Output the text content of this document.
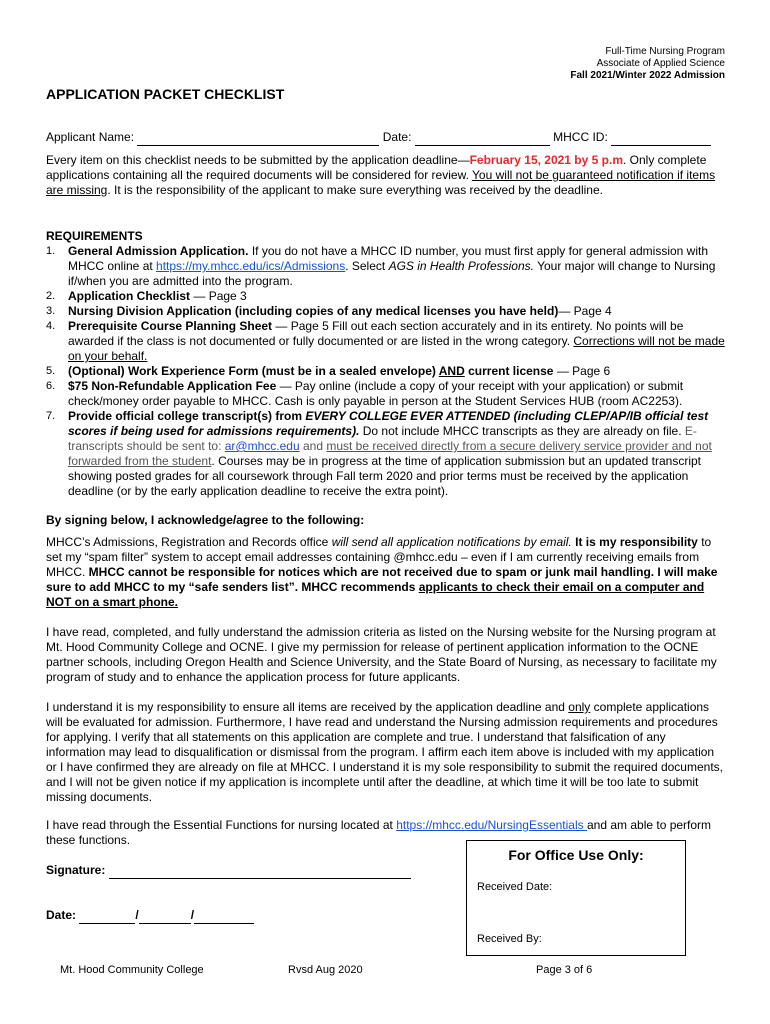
Full-Time Nursing Program
Associate of Applied Science
Fall 2021/Winter 2022 Admission
APPLICATION PACKET CHECKLIST
Applicant Name:	Date:	MHCC ID:
Every item on this checklist needs to be submitted by the application deadline—February 15, 2021 by 5 p.m. Only complete applications containing all the required documents will be considered for review. You will not be guaranteed notification if items are missing. It is the responsibility of the applicant to make sure everything was received by the deadline.
REQUIREMENTS
1. General Admission Application. If you do not have a MHCC ID number, you must first apply for general admission with MHCC online at https://my.mhcc.edu/ics/Admissions. Select AGS in Health Professions. Your major will change to Nursing if/when you are admitted into the program.
2. Application Checklist — Page 3
3. Nursing Division Application (including copies of any medical licenses you have held)— Page 4
4. Prerequisite Course Planning Sheet — Page 5 Fill out each section accurately and in its entirety. No points will be awarded if the class is not documented or fully documented or are listed in the wrong category. Corrections will not be made on your behalf.
5. (Optional) Work Experience Form (must be in a sealed envelope) AND current license — Page 6
6. $75 Non-Refundable Application Fee — Pay online (include a copy of your receipt with your application) or submit check/money order payable to MHCC. Cash is only payable in person at the Student Services HUB (room AC2253).
7. Provide official college transcript(s) from EVERY COLLEGE EVER ATTENDED (including CLEP/AP/IB official test scores if being used for admissions requirements). Do not include MHCC transcripts as they are already on file. E-transcripts should be sent to: ar@mhcc.edu and must be received directly from a secure delivery service provider and not forwarded from the student. Courses may be in progress at the time of application submission but an updated transcript showing posted grades for all coursework through Fall term 2020 and prior terms must be received by the application deadline (or by the early application deadline to receive the extra point).
By signing below, I acknowledge/agree to the following:
MHCC’s Admissions, Registration and Records office will send all application notifications by email. It is my responsibility to set my “spam filter” system to accept email addresses containing @mhcc.edu – even if I am currently receiving emails from MHCC. MHCC cannot be responsible for notices which are not received due to spam or junk mail handling. I will make sure to add MHCC to my “safe senders list”. MHCC recommends applicants to check their email on a computer and NOT on a smart phone.
I have read, completed, and fully understand the admission criteria as listed on the Nursing website for the Nursing program at Mt. Hood Community College and OCNE. I give my permission for release of pertinent application information to the OCNE partner schools, including Oregon Health and Science University, and the State Board of Nursing, as necessary to facilitate my program of study and to enhance the application process for future applicants.
I understand it is my responsibility to ensure all items are received by the application deadline and only complete applications will be evaluated for admission. Furthermore, I have read and understand the Nursing admission requirements and procedures for applying. I verify that all statements on this application are complete and true. I understand that falsification of any information may lead to disqualification or dismissal from the program. I affirm each item above is included with my application or I have confirmed they are already on file at MHCC. I understand it is my sole responsibility to submit the required documents, and I will not be given notice if my application is incomplete until after the deadline, at which time it will be too late to submit missing documents.
I have read through the Essential Functions for nursing located at https://mhcc.edu/NursingEssentials and am able to perform these functions.
Signature:
Date:	/	/
For Office Use Only:
Received Date:
Received By:
Mt. Hood Community College	Rvsd Aug 2020	Page 3 of 6
